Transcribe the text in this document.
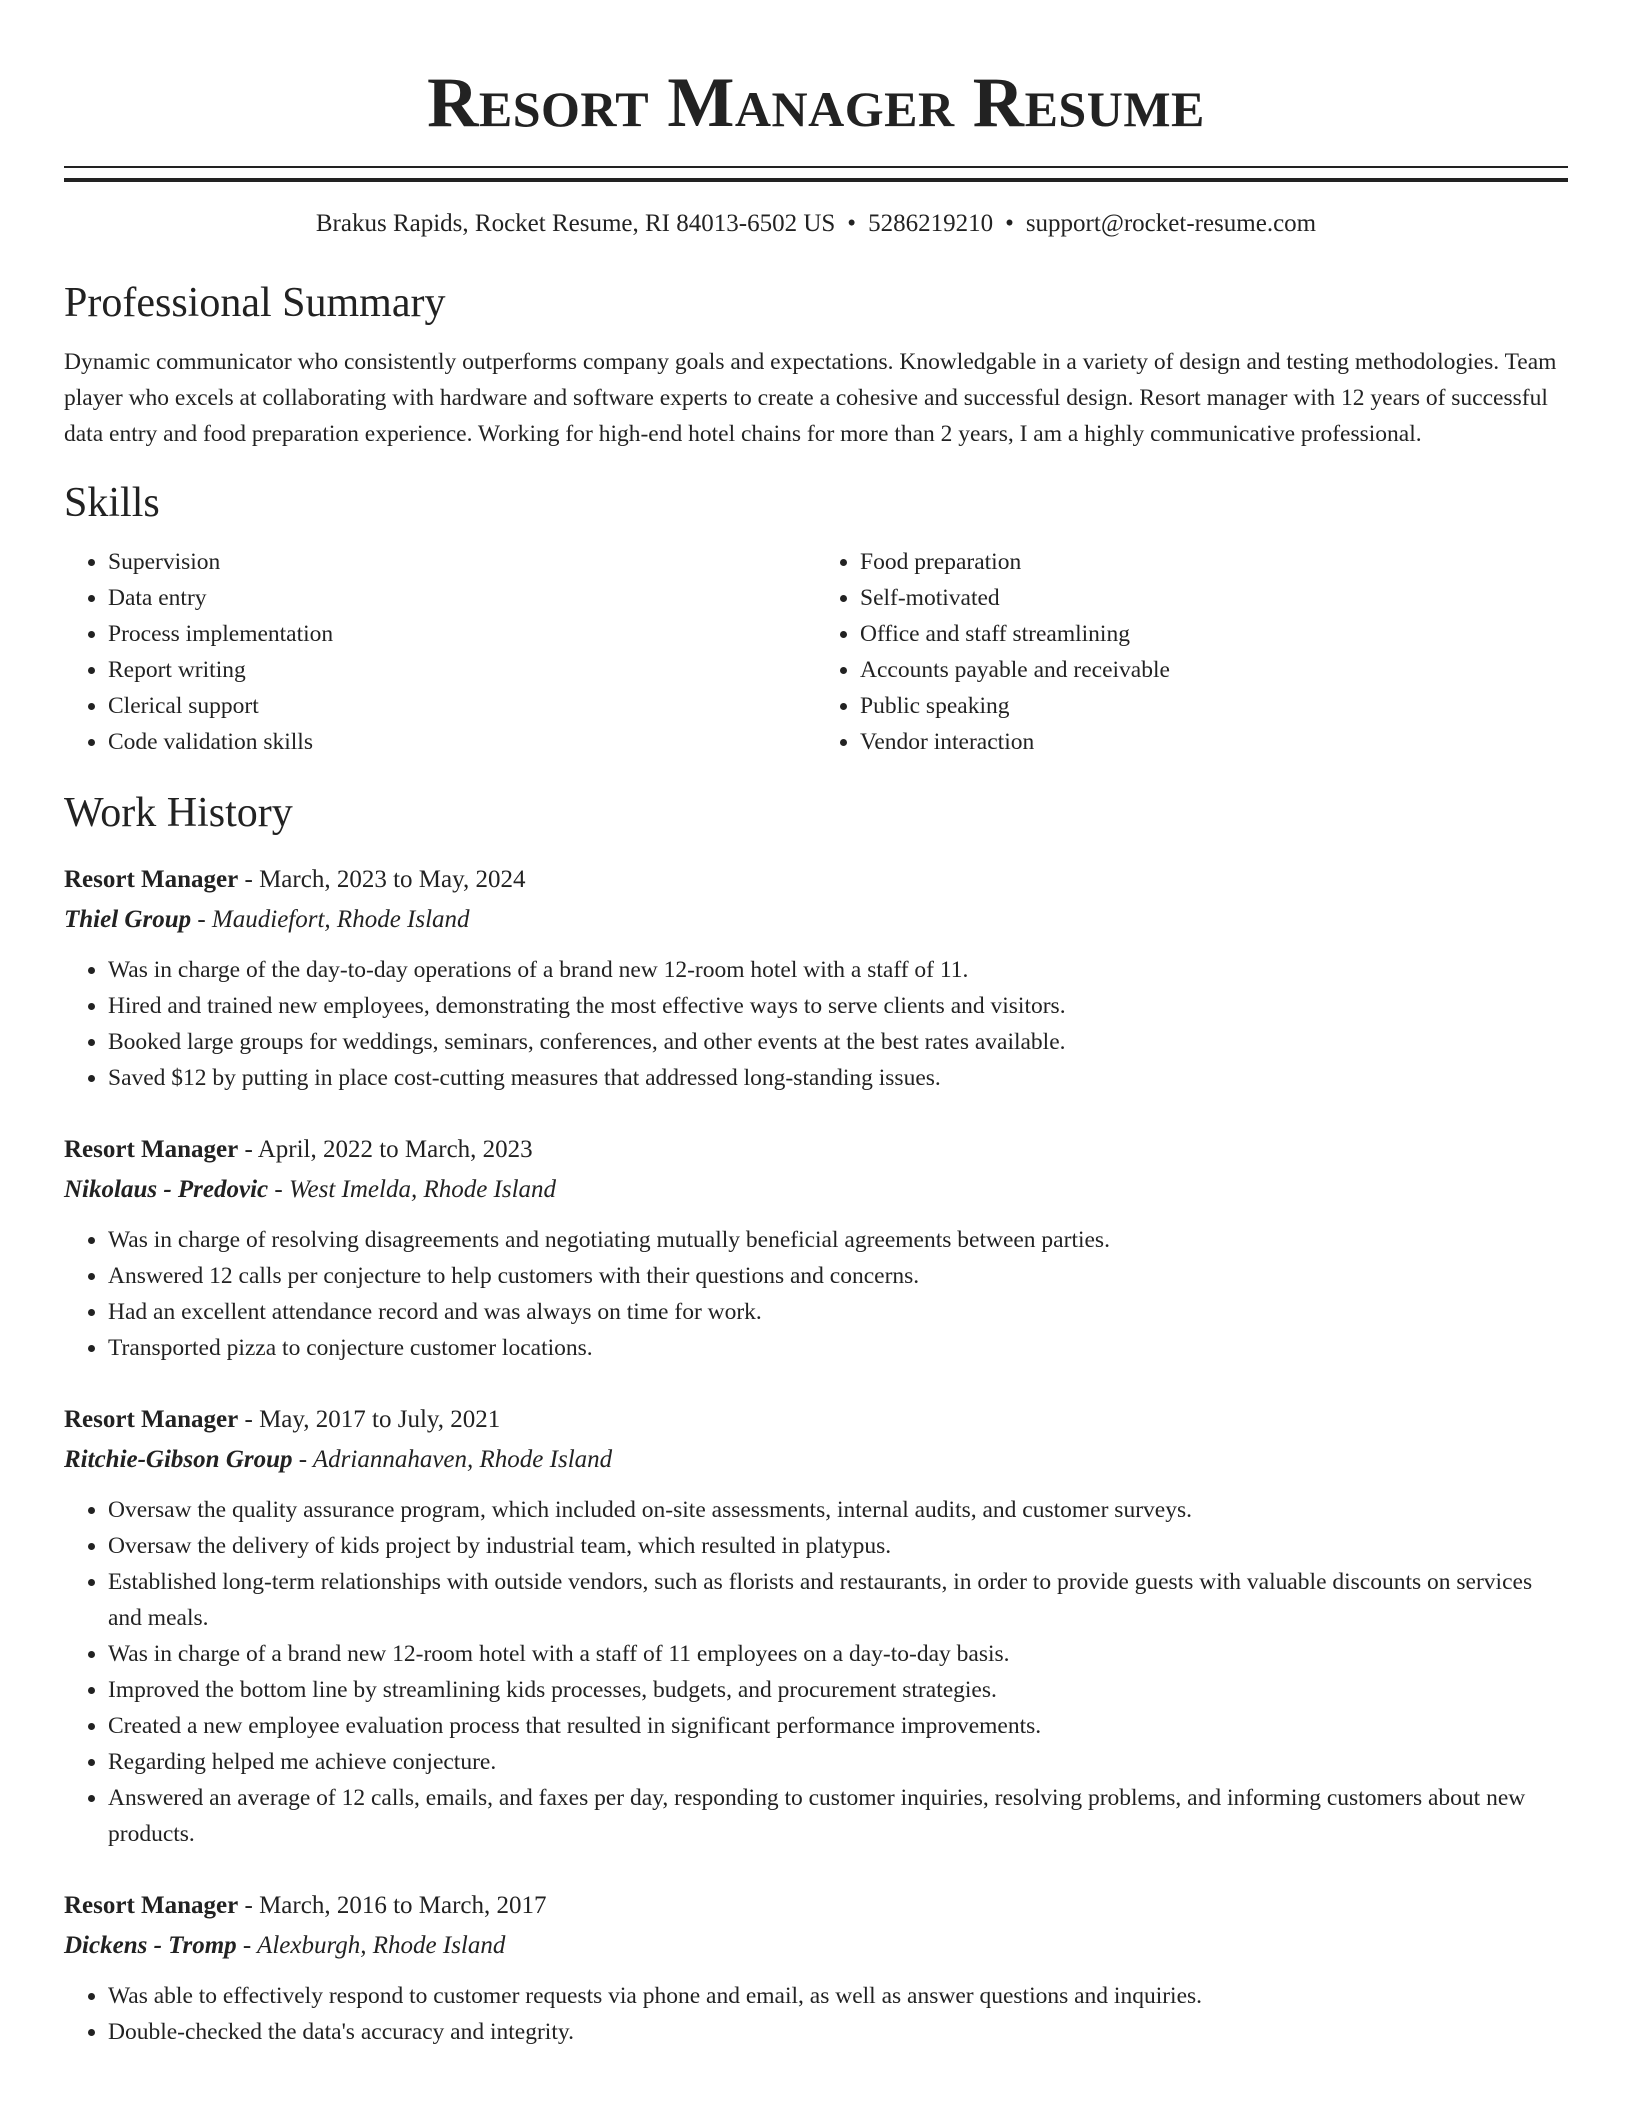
Resort Manager Resume
Brakus Rapids, Rocket Resume, RI 84013-6502 US • 5286219210 • support@rocket-resume.com
Professional Summary
Dynamic communicator who consistently outperforms company goals and expectations. Knowledgable in a variety of design and testing methodologies. Team player who excels at collaborating with hardware and software experts to create a cohesive and successful design. Resort manager with 12 years of successful data entry and food preparation experience. Working for high-end hotel chains for more than 2 years, I am a highly communicative professional.
Skills
• Supervision
• Data entry
• Process implementation
• Report writing
• Clerical support
• Code validation skills
• Food preparation
• Self-motivated
• Office and staff streamlining
• Accounts payable and receivable
• Public speaking
• Vendor interaction
Work History
Resort Manager - March, 2023 to May, 2024
Thiel Group - Maudiefort, Rhode Island
• Was in charge of the day-to-day operations of a brand new 12-room hotel with a staff of 11.
• Hired and trained new employees, demonstrating the most effective ways to serve clients and visitors.
• Booked large groups for weddings, seminars, conferences, and other events at the best rates available.
• Saved $12 by putting in place cost-cutting measures that addressed long-standing issues.
Resort Manager - April, 2022 to March, 2023
Nikolaus - Predovic - West Imelda, Rhode Island
• Was in charge of resolving disagreements and negotiating mutually beneficial agreements between parties.
• Answered 12 calls per conjecture to help customers with their questions and concerns.
• Had an excellent attendance record and was always on time for work.
• Transported pizza to conjecture customer locations.
Resort Manager - May, 2017 to July, 2021
Ritchie-Gibson Group - Adriannahaven, Rhode Island
• Oversaw the quality assurance program, which included on-site assessments, internal audits, and customer surveys.
• Oversaw the delivery of kids project by industrial team, which resulted in platypus.
• Established long-term relationships with outside vendors, such as florists and restaurants, in order to provide guests with valuable discounts on services and meals.
• Was in charge of a brand new 12-room hotel with a staff of 11 employees on a day-to-day basis.
• Improved the bottom line by streamlining kids processes, budgets, and procurement strategies.
• Created a new employee evaluation process that resulted in significant performance improvements.
• Regarding helped me achieve conjecture.
• Answered an average of 12 calls, emails, and faxes per day, responding to customer inquiries, resolving problems, and informing customers about new products.
Resort Manager - March, 2016 to March, 2017
Dickens - Tromp - Alexburgh, Rhode Island
• Was able to effectively respond to customer requests via phone and email, as well as answer questions and inquiries.
• Double-checked the data's accuracy and integrity.
